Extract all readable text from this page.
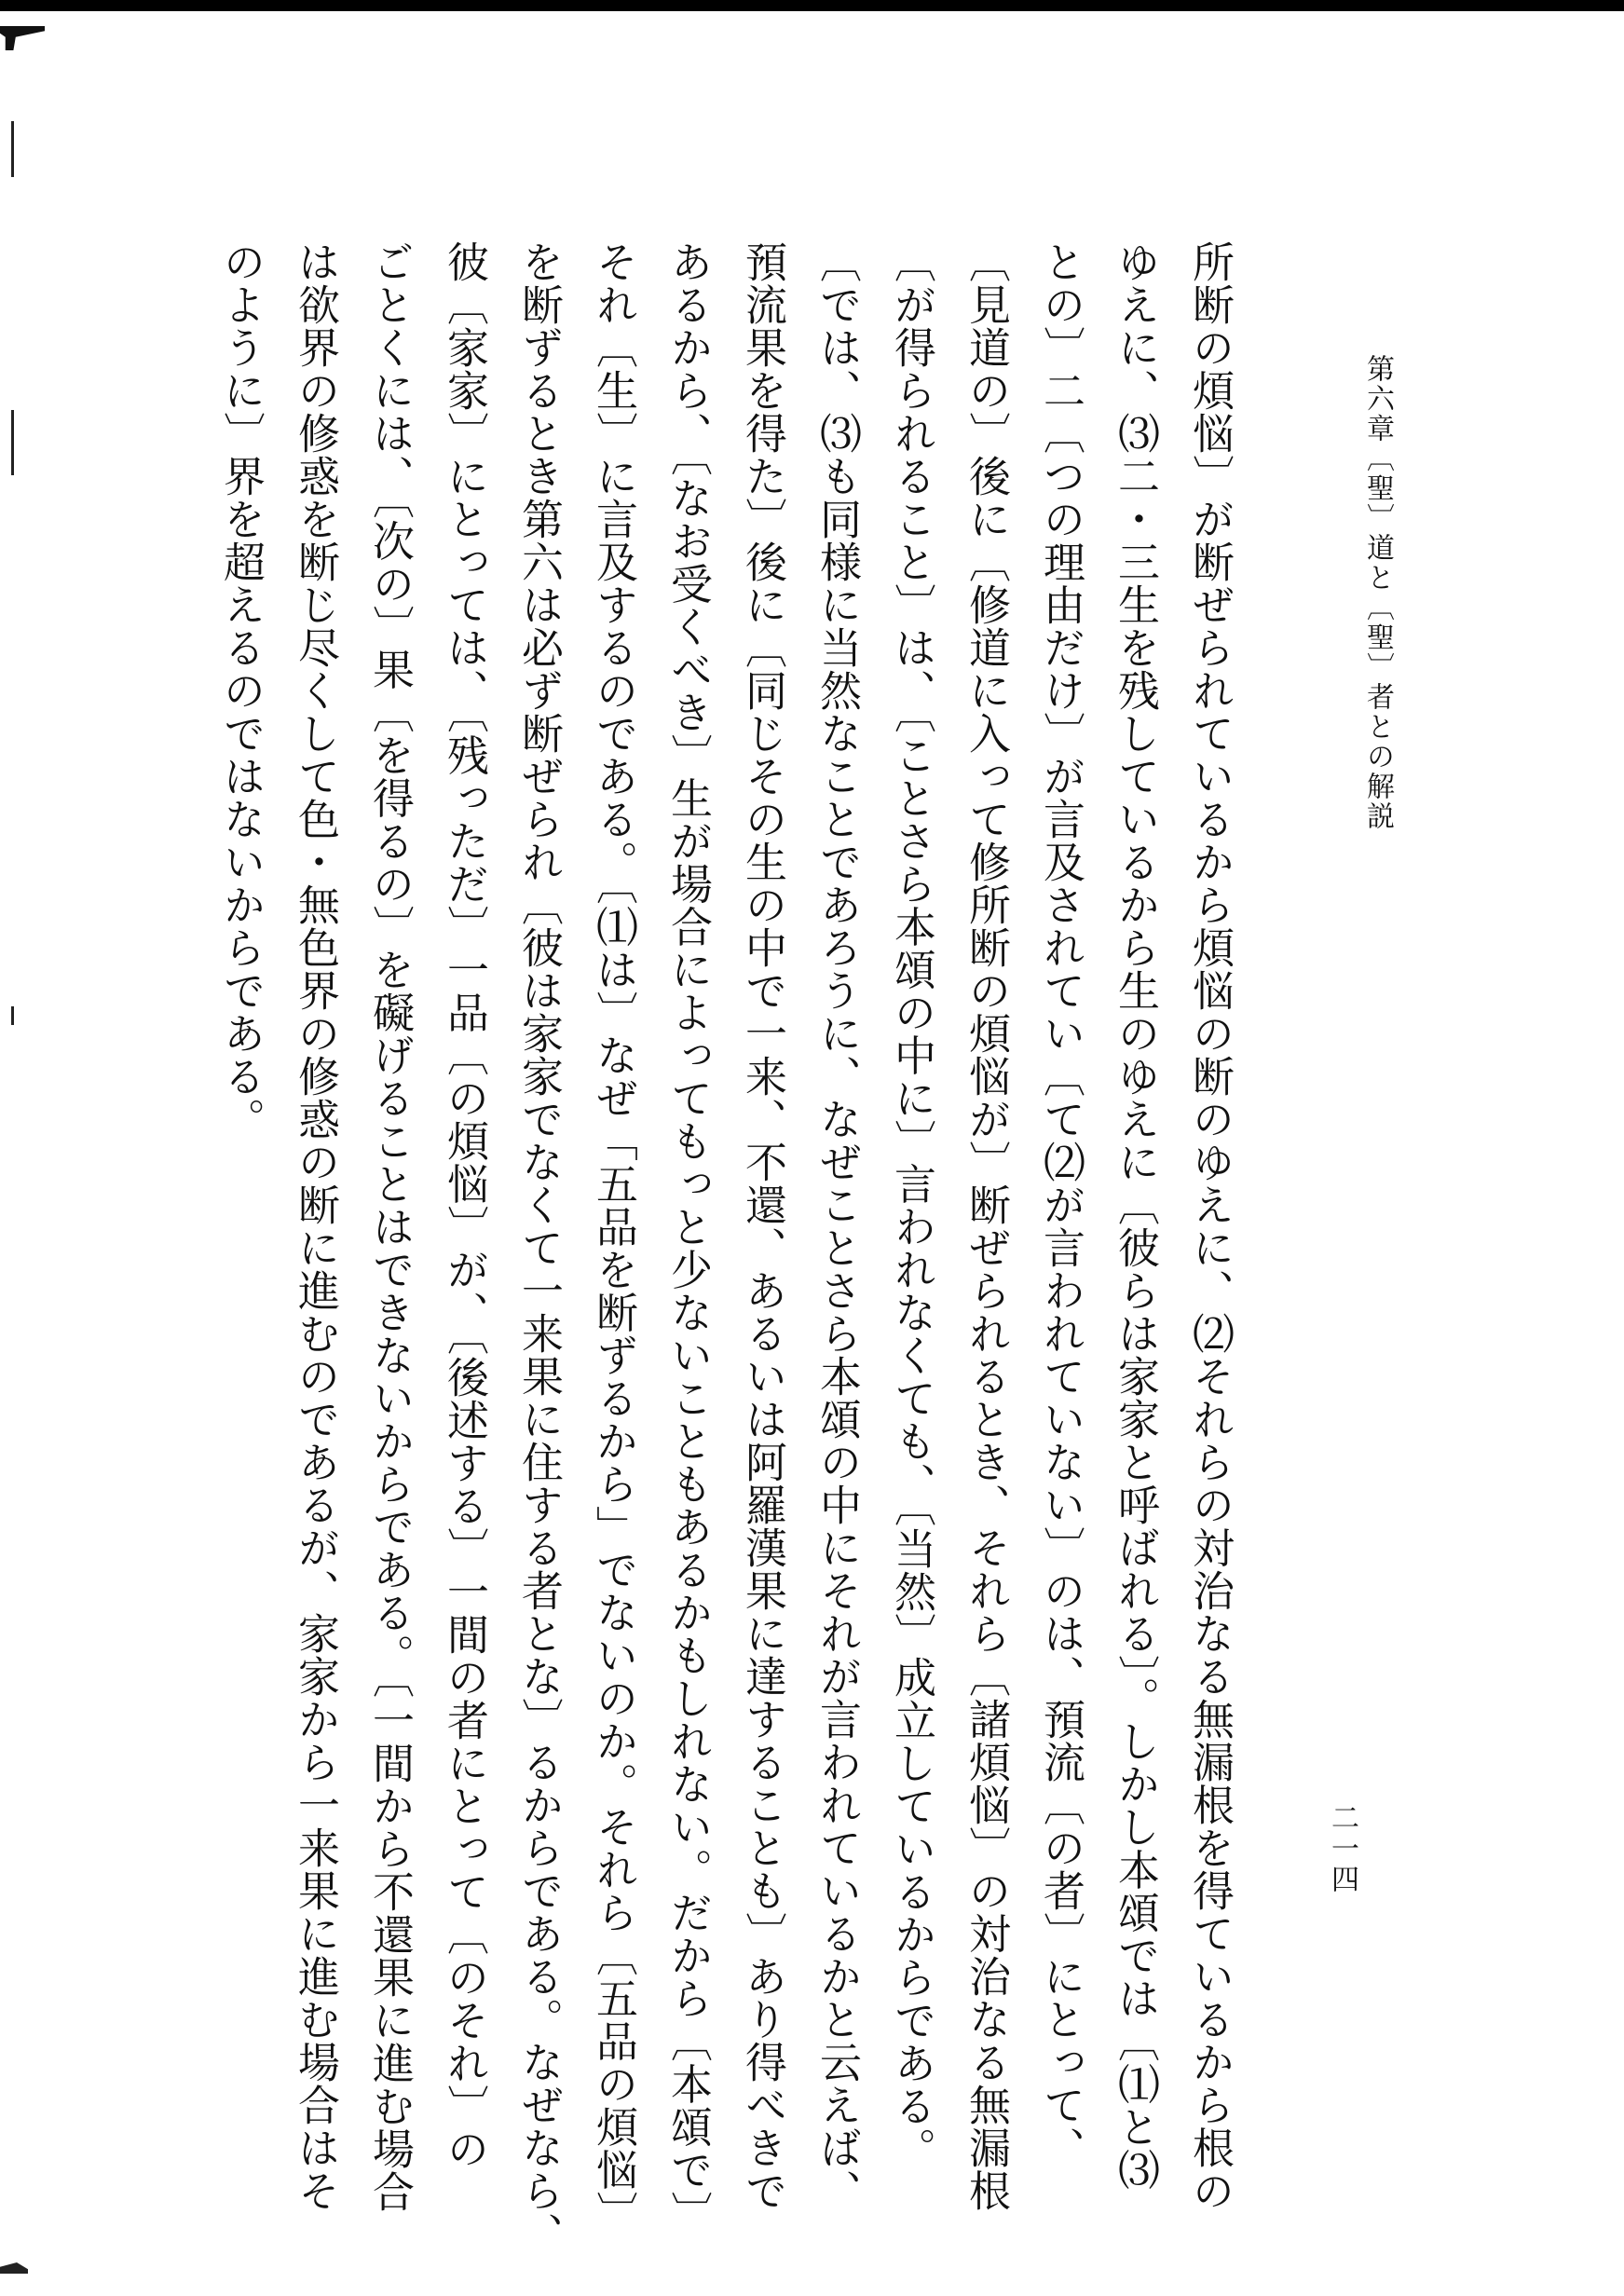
第六章〔聖〕道と〔聖〕者との解説
二一四
所断の煩悩〕が断ぜられているから煩悩の断のゆえに、⑵それらの対治なる無漏根を得ているから根の
ゆえに、⑶二・三生を残しているから生のゆえに〔彼らは家家と呼ばれる〕。しかし本頌では〔⑴と⑶
との〕二〔つの理由だけ〕が言及されてい〔て⑵が言われていない〕のは、預流〔の者〕にとって、
〔見道の〕後に〔修道に入って修所断の煩悩が〕断ぜられるとき、それら〔諸煩悩〕の対治なる無漏根
〔が得られること〕は、〔ことさら本頌の中に〕言われなくても、〔当然〕成立しているからである。
〔では、⑶も同様に当然なことであろうに、なぜことさら本頌の中にそれが言われているかと云えば、
預流果を得た〕後に〔同じその生の中で一来、不還、あるいは阿羅漢果に達することも〕あり得べきで
あるから、〔なお受くべき〕生が場合によってもっと少ないこともあるかもしれない。だから〔本頌で〕
それ〔生〕に言及するのである。〔⑴は〕なぜ「五品を断ずるから」でないのか。それら〔五品の煩悩〕
を断ずるとき第六は必ず断ぜられ〔彼は家家でなくて一来果に住する者とな〕るからである。なぜなら、
彼〔家家〕にとっては、〔残っただ〕一品〔の煩悩〕が、〔後述する〕一間の者にとって〔のそれ〕の
ごとくには、〔次の〕果〔を得るの〕を礙げることはできないからである。〔一間から不還果に進む場合
は欲界の修惑を断じ尽くして色・無色界の修惑の断に進むのであるが、家家から一来果に進む場合はそ
のように〕界を超えるのではないからである。
